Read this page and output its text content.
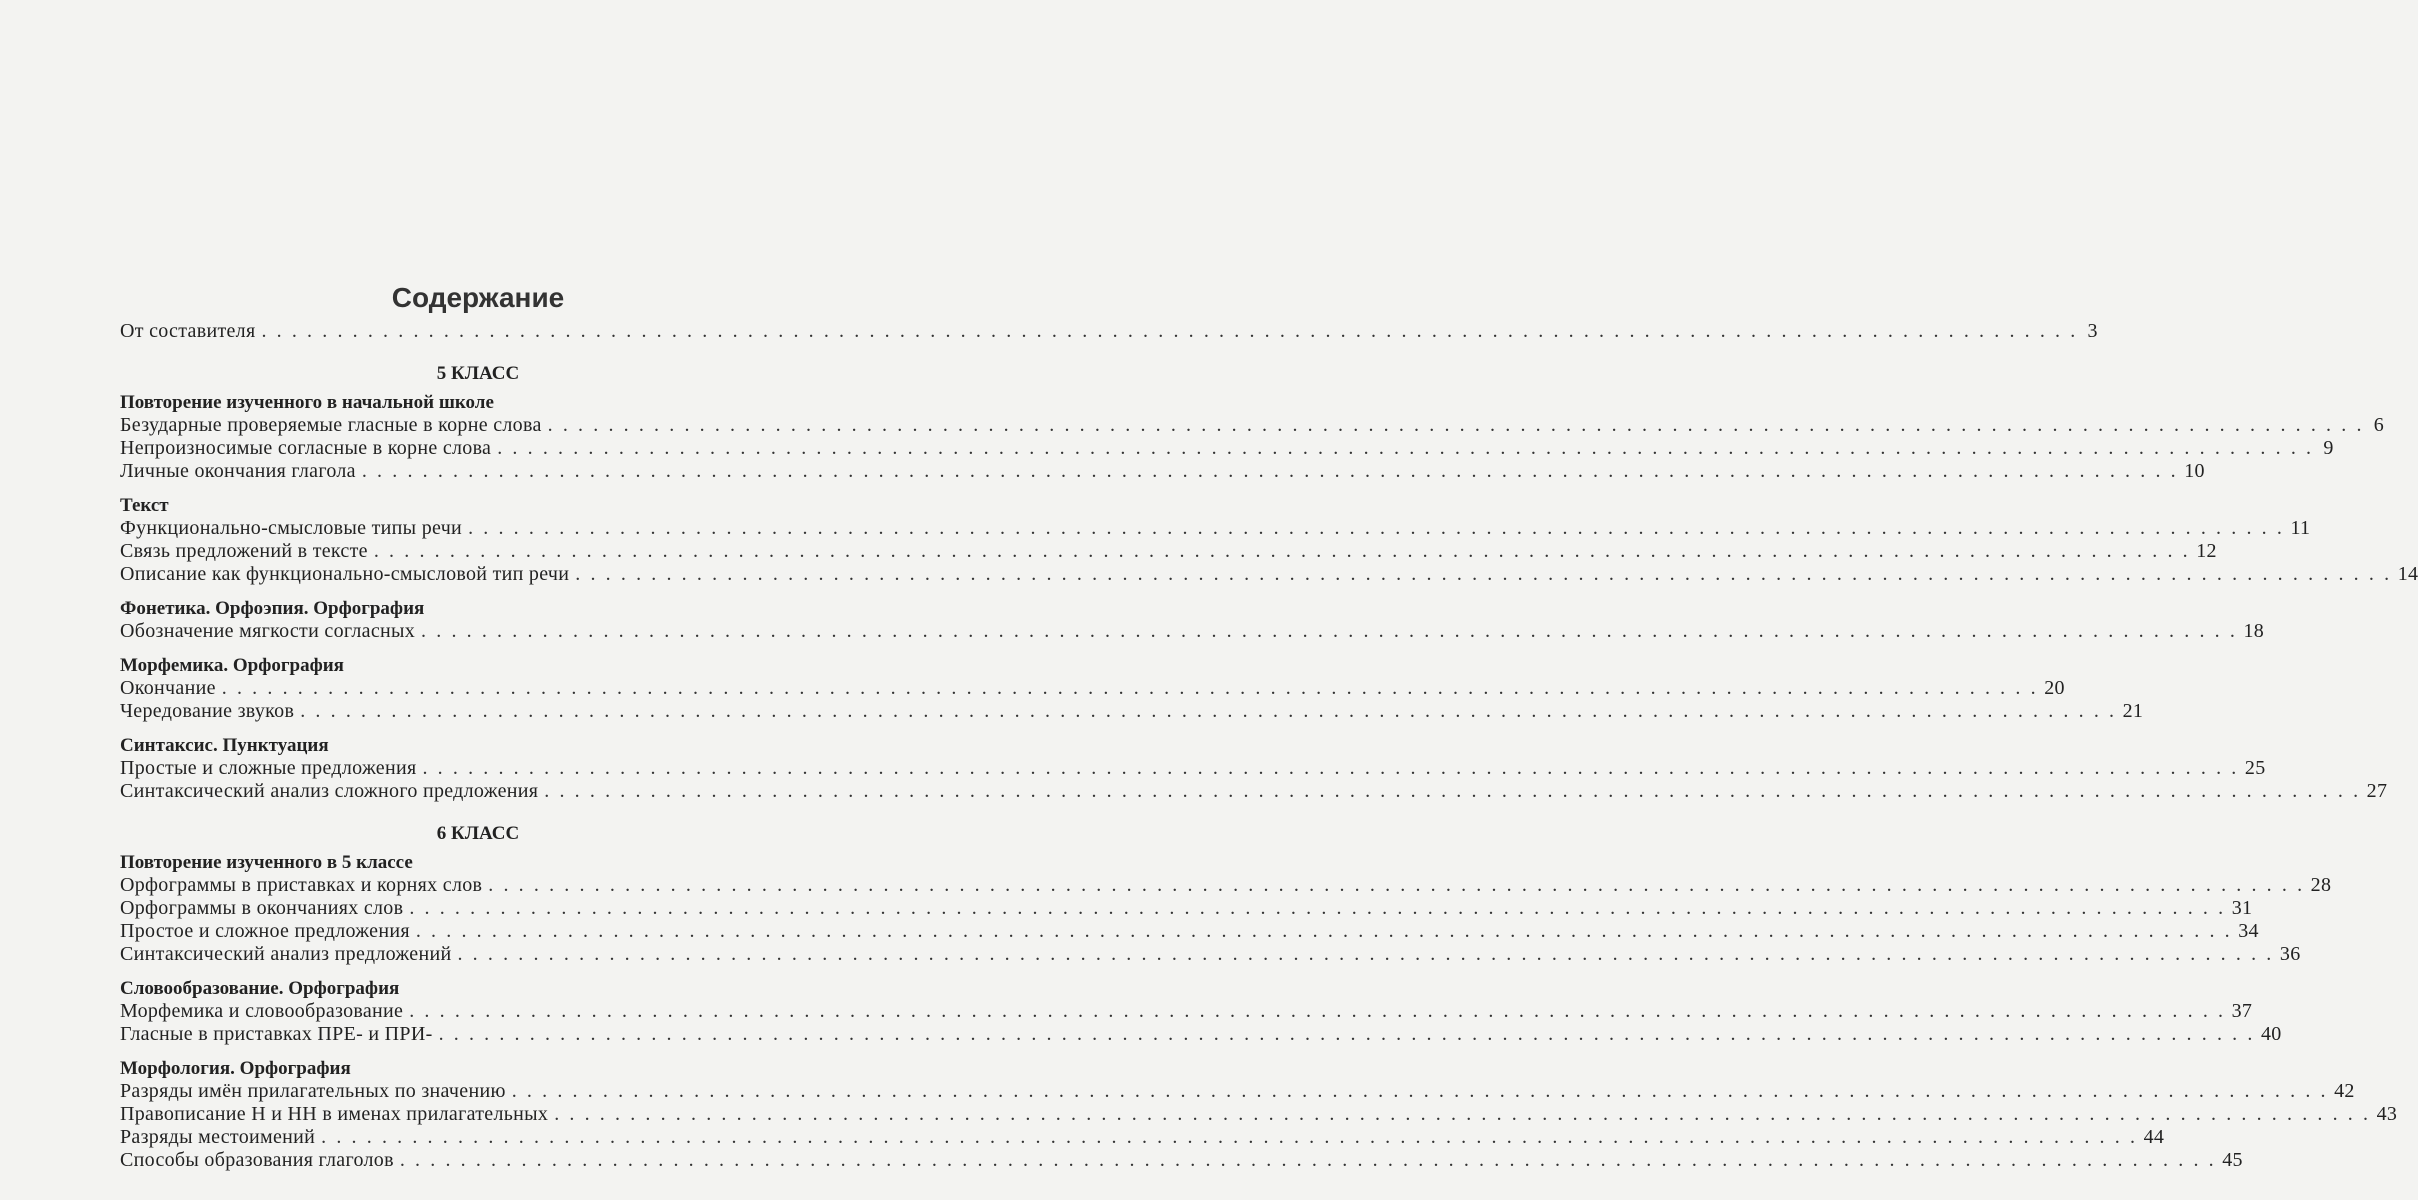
Содержание
От составителя . . . . . . . . . . . . . . . . . . . . . . . . . . . . . . . . . . . . . . . . . . . . . . . . . . . . . . . . . . . . . . . . . . . . . . . . . . . . . . . . . . . . . . . . . . . . . . . . . . . . . . . . . . . . . . . . . . . . . . . . 3
5 КЛАСС
Повторение изученного в начальной школе
Безударные проверяемые гласные в корне слова . . . . . . . . . . . . . . . . . . . . . . . . . . . . . . . . . . . . . . . . . . . . . . . . . . . . . . . . . . . . . . . . . . . . . . . . . . . . . . . . . . . . . . . . . . . . . . . . . . . . . . . . . . . . . . . . . . . . . . . . 6
Непроизносимые согласные в корне слова . . . . . . . . . . . . . . . . . . . . . . . . . . . . . . . . . . . . . . . . . . . . . . . . . . . . . . . . . . . . . . . . . . . . . . . . . . . . . . . . . . . . . . . . . . . . . . . . . . . . . . . . . . . . . . . . . . . . . . . . 9
Личные окончания глагола . . . . . . . . . . . . . . . . . . . . . . . . . . . . . . . . . . . . . . . . . . . . . . . . . . . . . . . . . . . . . . . . . . . . . . . . . . . . . . . . . . . . . . . . . . . . . . . . . . . . . . . . . . . . . . . . . . . . . . . . 10
Текст
Функционально-смысловые типы речи . . . . . . . . . . . . . . . . . . . . . . . . . . . . . . . . . . . . . . . . . . . . . . . . . . . . . . . . . . . . . . . . . . . . . . . . . . . . . . . . . . . . . . . . . . . . . . . . . . . . . . . . . . . . . . . . . . . . . . . . 11
Связь предложений в тексте . . . . . . . . . . . . . . . . . . . . . . . . . . . . . . . . . . . . . . . . . . . . . . . . . . . . . . . . . . . . . . . . . . . . . . . . . . . . . . . . . . . . . . . . . . . . . . . . . . . . . . . . . . . . . . . . . . . . . . . . 12
Описание как функционально-смысловой тип речи . . . . . . . . . . . . . . . . . . . . . . . . . . . . . . . . . . . . . . . . . . . . . . . . . . . . . . . . . . . . . . . . . . . . . . . . . . . . . . . . . . . . . . . . . . . . . . . . . . . . . . . . . . . . . . . . . . . . . . . . 14
Фонетика. Орфоэпия. Орфография
Обозначение мягкости согласных . . . . . . . . . . . . . . . . . . . . . . . . . . . . . . . . . . . . . . . . . . . . . . . . . . . . . . . . . . . . . . . . . . . . . . . . . . . . . . . . . . . . . . . . . . . . . . . . . . . . . . . . . . . . . . . . . . . . . . . . 18
Морфемика. Орфография
Окончание . . . . . . . . . . . . . . . . . . . . . . . . . . . . . . . . . . . . . . . . . . . . . . . . . . . . . . . . . . . . . . . . . . . . . . . . . . . . . . . . . . . . . . . . . . . . . . . . . . . . . . . . . . . . . . . . . . . . . . . . 20
Чередование звуков . . . . . . . . . . . . . . . . . . . . . . . . . . . . . . . . . . . . . . . . . . . . . . . . . . . . . . . . . . . . . . . . . . . . . . . . . . . . . . . . . . . . . . . . . . . . . . . . . . . . . . . . . . . . . . . . . . . . . . . . 21
Синтаксис. Пунктуация
Простые и сложные предложения . . . . . . . . . . . . . . . . . . . . . . . . . . . . . . . . . . . . . . . . . . . . . . . . . . . . . . . . . . . . . . . . . . . . . . . . . . . . . . . . . . . . . . . . . . . . . . . . . . . . . . . . . . . . . . . . . . . . . . . . 25
Синтаксический анализ сложного предложения . . . . . . . . . . . . . . . . . . . . . . . . . . . . . . . . . . . . . . . . . . . . . . . . . . . . . . . . . . . . . . . . . . . . . . . . . . . . . . . . . . . . . . . . . . . . . . . . . . . . . . . . . . . . . . . . . . . . . . . . 27
6 КЛАСС
Повторение изученного в 5 классе
Орфограммы в приставках и корнях слов . . . . . . . . . . . . . . . . . . . . . . . . . . . . . . . . . . . . . . . . . . . . . . . . . . . . . . . . . . . . . . . . . . . . . . . . . . . . . . . . . . . . . . . . . . . . . . . . . . . . . . . . . . . . . . . . . . . . . . . . 28
Орфограммы в окончаниях слов . . . . . . . . . . . . . . . . . . . . . . . . . . . . . . . . . . . . . . . . . . . . . . . . . . . . . . . . . . . . . . . . . . . . . . . . . . . . . . . . . . . . . . . . . . . . . . . . . . . . . . . . . . . . . . . . . . . . . . . . 31
Простое и сложное предложения . . . . . . . . . . . . . . . . . . . . . . . . . . . . . . . . . . . . . . . . . . . . . . . . . . . . . . . . . . . . . . . . . . . . . . . . . . . . . . . . . . . . . . . . . . . . . . . . . . . . . . . . . . . . . . . . . . . . . . . . 34
Синтаксический анализ предложений . . . . . . . . . . . . . . . . . . . . . . . . . . . . . . . . . . . . . . . . . . . . . . . . . . . . . . . . . . . . . . . . . . . . . . . . . . . . . . . . . . . . . . . . . . . . . . . . . . . . . . . . . . . . . . . . . . . . . . . . 36
Словообразование. Орфография
Морфемика и словообразование . . . . . . . . . . . . . . . . . . . . . . . . . . . . . . . . . . . . . . . . . . . . . . . . . . . . . . . . . . . . . . . . . . . . . . . . . . . . . . . . . . . . . . . . . . . . . . . . . . . . . . . . . . . . . . . . . . . . . . . . 37
Гласные в приставках ПРЕ- и ПРИ- . . . . . . . . . . . . . . . . . . . . . . . . . . . . . . . . . . . . . . . . . . . . . . . . . . . . . . . . . . . . . . . . . . . . . . . . . . . . . . . . . . . . . . . . . . . . . . . . . . . . . . . . . . . . . . . . . . . . . . . . 40
Морфология. Орфография
Разряды имён прилагательных по значению . . . . . . . . . . . . . . . . . . . . . . . . . . . . . . . . . . . . . . . . . . . . . . . . . . . . . . . . . . . . . . . . . . . . . . . . . . . . . . . . . . . . . . . . . . . . . . . . . . . . . . . . . . . . . . . . . . . . . . . . 42
Правописание Н и НН в именах прилагательных . . . . . . . . . . . . . . . . . . . . . . . . . . . . . . . . . . . . . . . . . . . . . . . . . . . . . . . . . . . . . . . . . . . . . . . . . . . . . . . . . . . . . . . . . . . . . . . . . . . . . . . . . . . . . . . . . . . . . . . . 43
Разряды местоимений . . . . . . . . . . . . . . . . . . . . . . . . . . . . . . . . . . . . . . . . . . . . . . . . . . . . . . . . . . . . . . . . . . . . . . . . . . . . . . . . . . . . . . . . . . . . . . . . . . . . . . . . . . . . . . . . . . . . . . . . 44
Способы образования глаголов . . . . . . . . . . . . . . . . . . . . . . . . . . . . . . . . . . . . . . . . . . . . . . . . . . . . . . . . . . . . . . . . . . . . . . . . . . . . . . . . . . . . . . . . . . . . . . . . . . . . . . . . . . . . . . . . . . . . . . . . 45
